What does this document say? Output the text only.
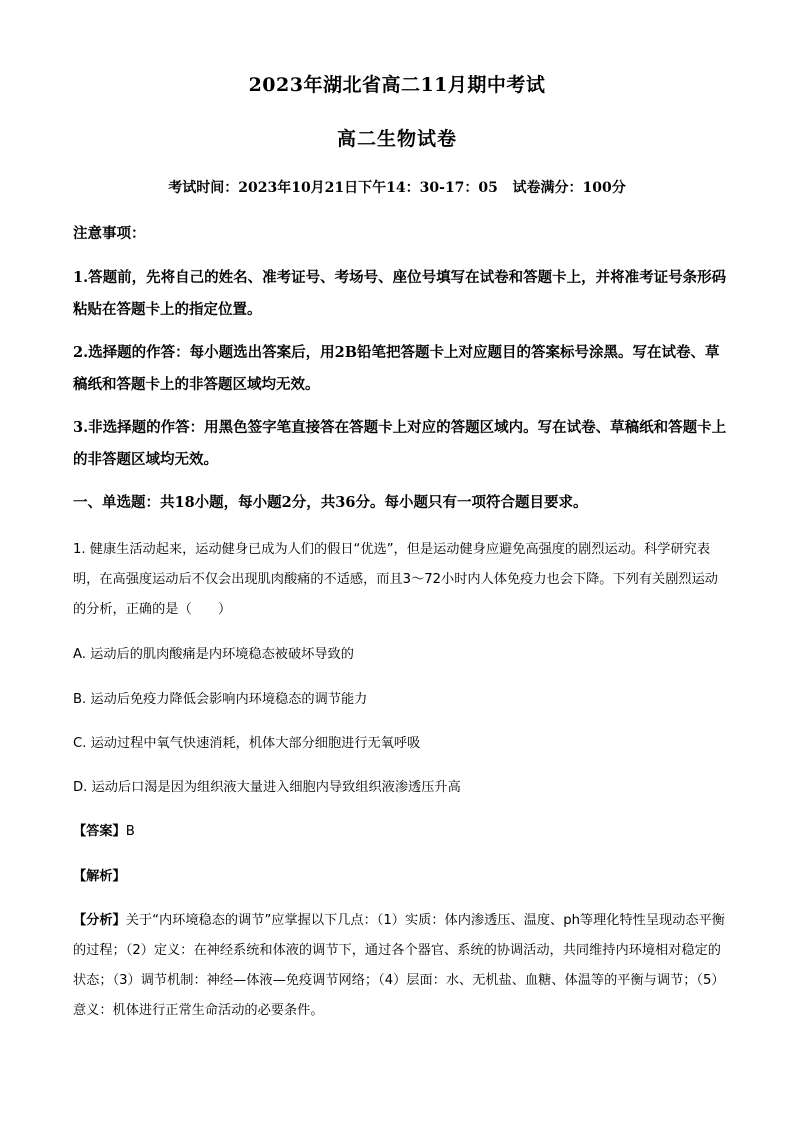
2023年湖北省高二11月期中考试
高二生物试卷
考试时间：2023年10月21日下午14：30-17：05   试卷满分：100分
注意事项：
1.答题前，先将自己的姓名、准考证号、考场号、座位号填写在试卷和答题卡上，并将准考证号条形码粘贴在答题卡上的指定位置。
2.选择题的作答：每小题选出答案后，用2B铅笔把答题卡上对应题目的答案标号涂黑。写在试卷、草稿纸和答题卡上的非答题区域均无效。
3.非选择题的作答：用黑色签字笔直接答在答题卡上对应的答题区域内。写在试卷、草稿纸和答题卡上的非答题区域均无效。
一、单选题：共18小题，每小题2分，共36分。每小题只有一项符合题目要求。
1. 健康生活动起来，运动健身已成为人们的假日“优选”，但是运动健身应避免高强度的剧烈运动。科学研究表明，在高强度运动后不仅会出现肌肉酸痛的不适感，而且3～72小时内人体免疫力也会下降。下列有关剧烈运动的分析，正确的是（　　）
A. 运动后的肌肉酸痛是内环境稳态被破坏导致的
B. 运动后免疫力降低会影响内环境稳态的调节能力
C. 运动过程中氧气快速消耗，机体大部分细胞进行无氧呼吸
D. 运动后口渴是因为组织液大量进入细胞内导致组织液渗透压升高
【答案】B
【解析】
【分析】关于“内环境稳态的调节”应掌握以下几点：（1）实质：体内渗透压、温度、ph等理化特性呈现动态平衡的过程；（2）定义：在神经系统和体液的调节下，通过各个器官、系统的协调活动，共同维持内环境相对稳定的状态；（3）调节机制：神经—体液—免疫调节网络；（4）层面：水、无机盐、血糖、体温等的平衡与调节；（5）意义：机体进行正常生命活动的必要条件。
